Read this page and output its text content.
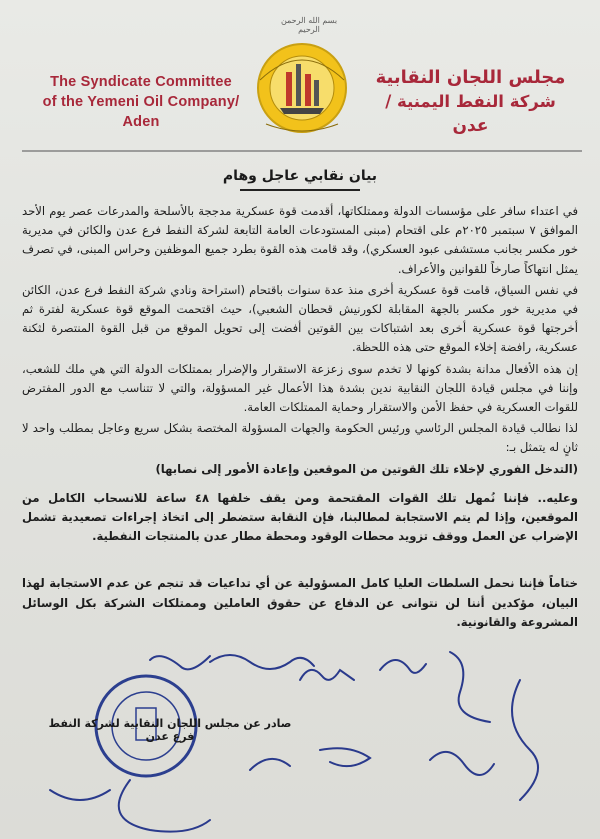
بسم الله الرحمن الرحيم
The Syndicate Committee
of the Yemeni Oil Company/ Aden
مجلس اللجان النقابية
شركة النفط اليمنية /
عدن
بيان نقابي عاجل وهام

في اعتداء سافر على مؤسسات الدولة وممتلكاتها، أقدمت قوة عسكرية مدججة بالأسلحة والمدرعات عصر يوم الأحد الموافق ٧ سبتمبر ٢٠٢٥م على اقتحام (مبنى المستودعات العامة التابعة لشركة النفط فرع عدن والكائن في مديرية خور مكسر بجانب مستشفى عبود العسكري)، وقد قامت هذه القوة بطرد جميع الموظفين وحراس المبنى، في تصرف يمثل انتهاكاً صارخاً للقوانين والأعراف.

في نفس السياق، قامت قوة عسكرية أخرى منذ عدة سنوات باقتحام (استراحة ونادي شركة النفط فرع عدن، الكائن في مديرية خور مكسر بالجهة المقابلة لكورنيش قحطان الشعبي)، حيث اقتحمت الموقع قوة عسكرية لفترة ثم أخرجتها قوة عسكرية أخرى بعد اشتباكات بين القوتين أفضت إلى تحويل الموقع من قبل القوة المنتصرة لثكنة عسكرية، رافضة إخلاء الموقع حتى هذه اللحظة.

إن هذه الأفعال مدانة بشدة كونها لا تخدم سوى زعزعة الاستقرار والإضرار بممتلكات الدولة التي هي ملك للشعب، وإننا في مجلس قيادة اللجان النقابية ندين بشدة هذا الأعمال غير المسؤولة، والتي لا تتناسب مع الدور المفترض للقوات العسكرية في حفظ الأمن والاستقرار وحماية الممتلكات العامة.

لذا نطالب قيادة المجلس الرئاسي ورئيس الحكومة والجهات المسؤولة المختصة بشكل سريع وعاجل بمطلب واحد لا ثانٍ له يتمثل بـ:

(التدخل الفوري لإخلاء تلك القوتين من الموقعين وإعادة الأمور إلى نصابها)

وعليه.. فإننا نُمهل تلك القوات المقتحمة ومن يقف خلفها ٤٨ ساعة للانسحاب الكامل من الموقعين، وإذا لم يتم الاستجابة لمطالبنا، فإن النقابة ستضطر إلى اتخاذ إجراءات تصعيدية تشمل الإضراب عن العمل ووقف تزويد محطات الوقود ومحطة مطار عدن بالمنتجات النفطية.

ختاماً فإننا نحمل السلطات العليا كامل المسؤولية عن أي تداعيات قد تنجم عن عدم الاستجابة لهذا البيان، مؤكدين أننا لن نتوانى عن الدفاع عن حقوق العاملين وممتلكات الشركة بكل الوسائل المشروعة والقانونية.

صادر عن مجلس اللجان النقابية لشركة النفط فرع عدن
